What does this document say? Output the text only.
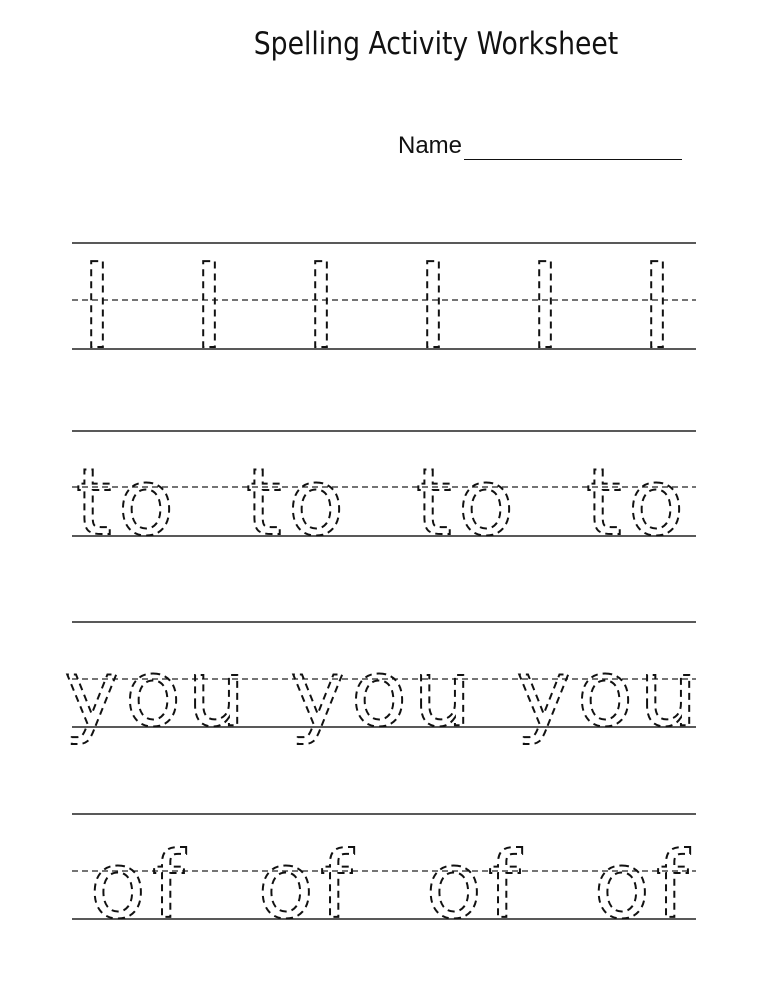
Spelling Activity Worksheet
Name
I I I I I I
to to to to
you you you
of of of of
